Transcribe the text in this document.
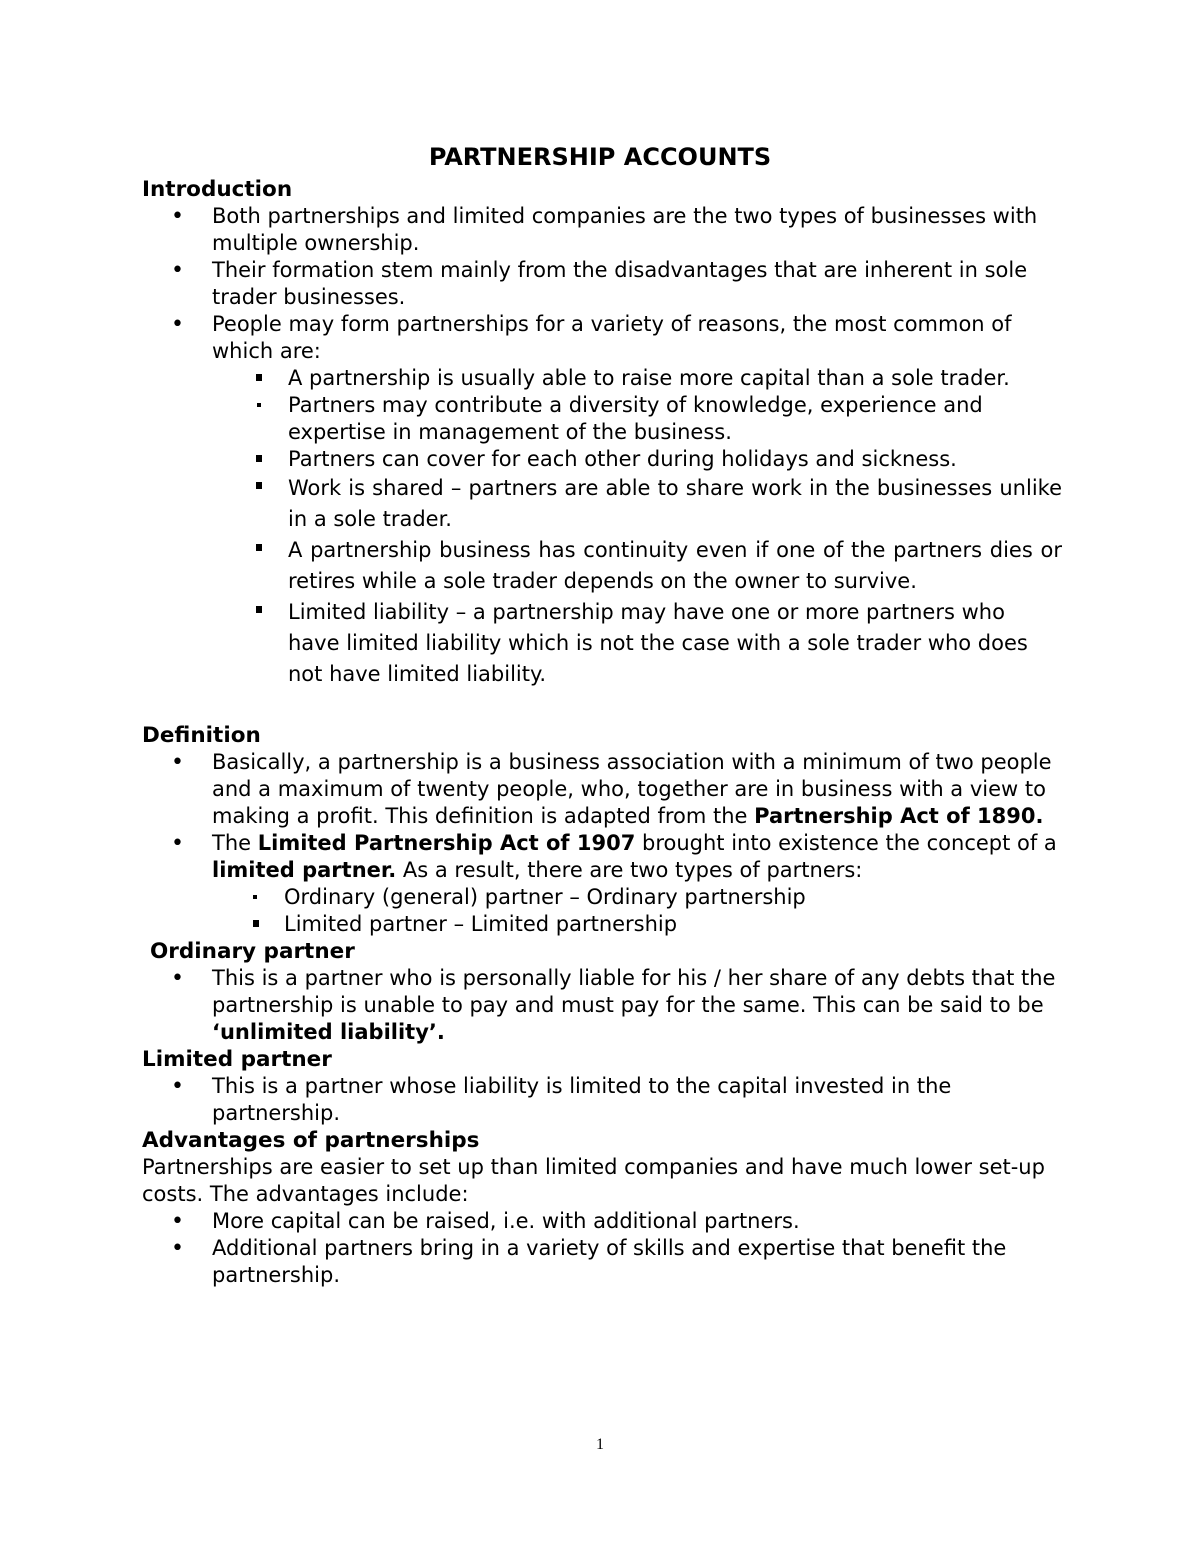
PARTNERSHIP ACCOUNTS
Introduction
• Both partnerships and limited companies are the two types of businesses with multiple ownership.
• Their formation stem mainly from the disadvantages that are inherent in sole trader businesses.
• People may form partnerships for a variety of reasons, the most common of which are:
A partnership is usually able to raise more capital than a sole trader.
Partners may contribute a diversity of knowledge, experience and expertise in management of the business.
Partners can cover for each other during holidays and sickness.
Work is shared – partners are able to share work in the businesses unlike in a sole trader.
A partnership business has continuity even if one of the partners dies or retires while a sole trader depends on the owner to survive.
Limited liability – a partnership may have one or more partners who have limited liability which is not the case with a sole trader who does not have limited liability.
Definition
• Basically, a partnership is a business association with a minimum of two people and a maximum of twenty people, who, together are in business with a view to making a profit. This definition is adapted from the Partnership Act of 1890.
• The Limited Partnership Act of 1907 brought into existence the concept of a limited partner. As a result, there are two types of partners:
Ordinary (general) partner – Ordinary partnership
Limited partner – Limited partnership
Ordinary partner
• This is a partner who is personally liable for his / her share of any debts that the partnership is unable to pay and must pay for the same. This can be said to be ‘unlimited liability’.
Limited partner
• This is a partner whose liability is limited to the capital invested in the partnership.
Advantages of partnerships

Partnerships are easier to set up than limited companies and have much lower set-up costs. The advantages include:

• More capital can be raised, i.e. with additional partners.
• Additional partners bring in a variety of skills and expertise that benefit the partnership.
1
